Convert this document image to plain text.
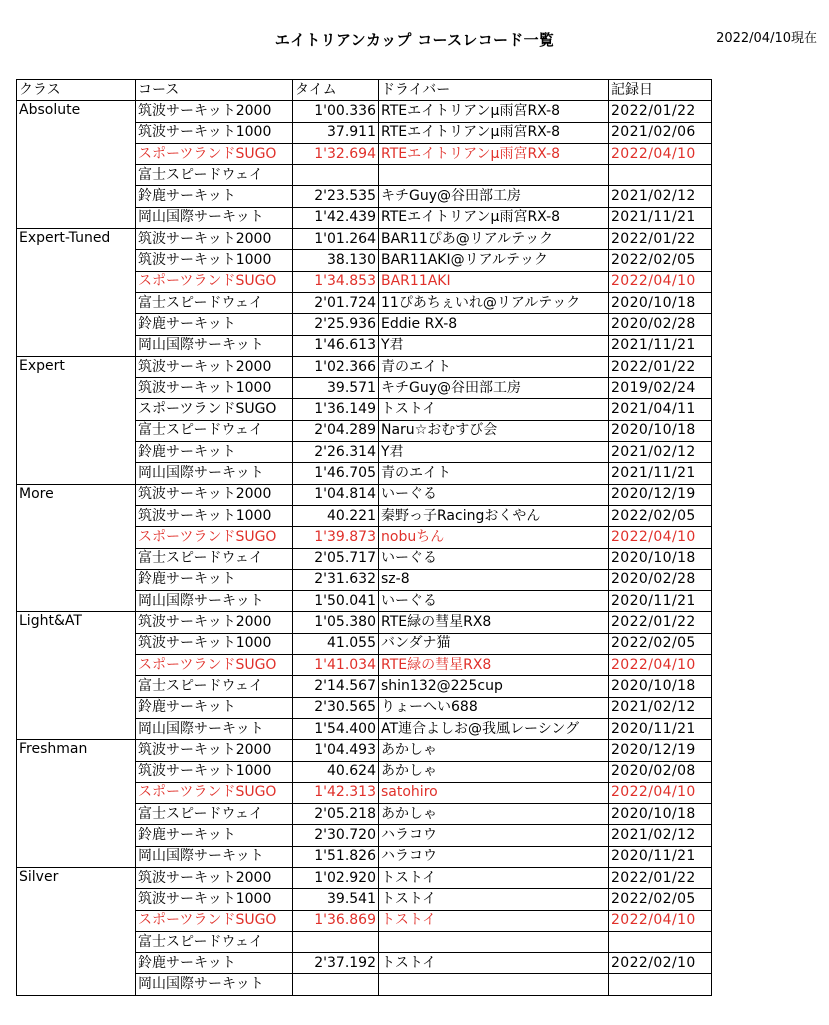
エイトリアンカップ コースレコード一覧	2022/04/10現在
クラス	コース	タイム	ドライバー	記録日
Absolute	筑波サーキット2000	1'00.336	RTEエイトリアンμ雨宮RX-8	2022/01/22
	筑波サーキット1000	37.911	RTEエイトリアンμ雨宮RX-8	2021/02/06
	スポーツランドSUGO	1'32.694	RTEエイトリアンμ雨宮RX-8	2022/04/10
	富士スピードウェイ			
	鈴鹿サーキット	2'23.535	キチGuy@谷田部工房	2021/02/12
	岡山国際サーキット	1'42.439	RTEエイトリアンμ雨宮RX-8	2021/11/21
Expert-Tuned	筑波サーキット2000	1'01.264	BAR11ぴあ@リアルテック	2022/01/22
	筑波サーキット1000	38.130	BAR11AKI@リアルテック	2022/02/05
	スポーツランドSUGO	1'34.853	BAR11AKI	2022/04/10
	富士スピードウェイ	2'01.724	11ぴあちぇいれ@リアルテック	2020/10/18
	鈴鹿サーキット	2'25.936	Eddie RX-8	2020/02/28
	岡山国際サーキット	1'46.613	Y君	2021/11/21
Expert	筑波サーキット2000	1'02.366	青のエイト	2022/01/22
	筑波サーキット1000	39.571	キチGuy@谷田部工房	2019/02/24
	スポーツランドSUGO	1'36.149	トストイ	2021/04/11
	富士スピードウェイ	2'04.289	Naru☆おむすび会	2020/10/18
	鈴鹿サーキット	2'26.314	Y君	2021/02/12
	岡山国際サーキット	1'46.705	青のエイト	2021/11/21
More	筑波サーキット2000	1'04.814	いーぐる	2020/12/19
	筑波サーキット1000	40.221	秦野っ子Racingおくやん	2022/02/05
	スポーツランドSUGO	1'39.873	nobuちん	2022/04/10
	富士スピードウェイ	2'05.717	いーぐる	2020/10/18
	鈴鹿サーキット	2'31.632	sz-8	2020/02/28
	岡山国際サーキット	1'50.041	いーぐる	2020/11/21
Light&AT	筑波サーキット2000	1'05.380	RTE緑の彗星RX8	2022/01/22
	筑波サーキット1000	41.055	バンダナ猫	2022/02/05
	スポーツランドSUGO	1'41.034	RTE緑の彗星RX8	2022/04/10
	富士スピードウェイ	2'14.567	shin132@225cup	2020/10/18
	鈴鹿サーキット	2'30.565	りょーへい688	2021/02/12
	岡山国際サーキット	1'54.400	AT連合よしお@我風レーシング	2020/11/21
Freshman	筑波サーキット2000	1'04.493	あかしゃ	2020/12/19
	筑波サーキット1000	40.624	あかしゃ	2020/02/08
	スポーツランドSUGO	1'42.313	satohiro	2022/04/10
	富士スピードウェイ	2'05.218	あかしゃ	2020/10/18
	鈴鹿サーキット	2'30.720	ハラコウ	2021/02/12
	岡山国際サーキット	1'51.826	ハラコウ	2020/11/21
Silver	筑波サーキット2000	1'02.920	トストイ	2022/01/22
	筑波サーキット1000	39.541	トストイ	2022/02/05
	スポーツランドSUGO	1'36.869	トストイ	2022/04/10
	富士スピードウェイ			
	鈴鹿サーキット	2'37.192	トストイ	2022/02/10
	岡山国際サーキット			
